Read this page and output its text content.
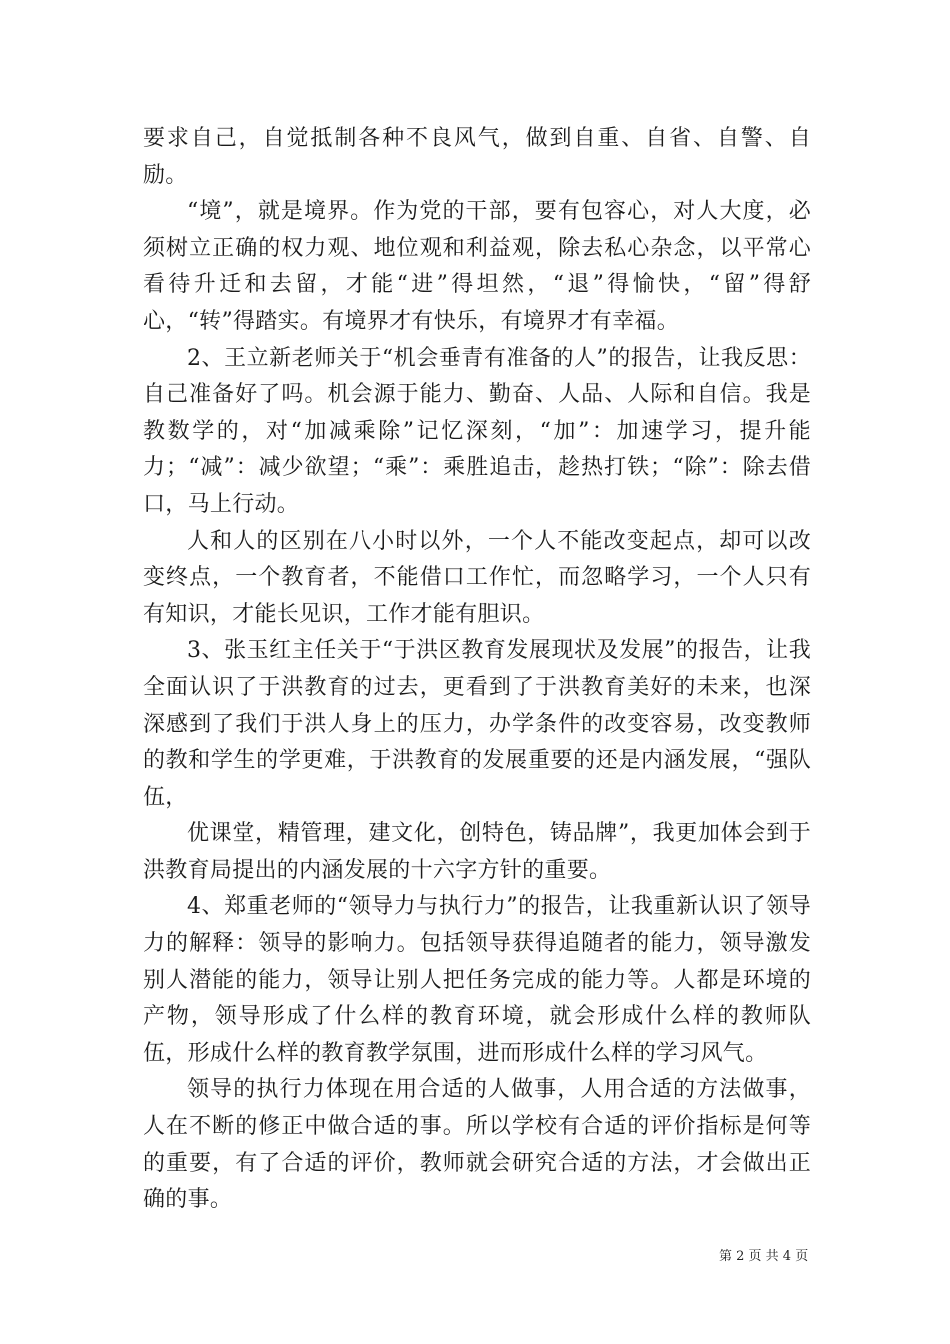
要求自己，自觉抵制各种不良风气，做到自重、自省、自警、自励。

“境”，就是境界。作为党的干部，要有包容心，对人大度，必须树立正确的权力观、地位观和利益观，除去私心杂念，以平常心看待升迁和去留，才能“进”得坦然，“退”得愉快，“留”得舒心，“转”得踏实。有境界才有快乐，有境界才有幸福。

2、王立新老师关于“机会垂青有准备的人”的报告，让我反思：自己准备好了吗。机会源于能力、勤奋、人品、人际和自信。我是教数学的，对“加减乘除”记忆深刻，“加”：加速学习，提升能力；“减”：减少欲望；“乘”：乘胜追击，趁热打铁；“除”：除去借口，马上行动。

人和人的区别在八小时以外，一个人不能改变起点，却可以改变终点，一个教育者，不能借口工作忙，而忽略学习，一个人只有有知识，才能长见识，工作才能有胆识。

3、张玉红主任关于“于洪区教育发展现状及发展”的报告，让我全面认识了于洪教育的过去，更看到了于洪教育美好的未来，也深深感到了我们于洪人身上的压力，办学条件的改变容易，改变教师的教和学生的学更难，于洪教育的发展重要的还是内涵发展，“强队伍，

优课堂，精管理，建文化，创特色，铸品牌”，我更加体会到于洪教育局提出的内涵发展的十六字方针的重要。

4、郑重老师的“领导力与执行力”的报告，让我重新认识了领导力的解释：领导的影响力。包括领导获得追随者的能力，领导激发别人潜能的能力，领导让别人把任务完成的能力等。人都是环境的产物，领导形成了什么样的教育环境，就会形成什么样的教师队伍，形成什么样的教育教学氛围，进而形成什么样的学习风气。

领导的执行力体现在用合适的人做事，人用合适的方法做事，人在不断的修正中做合适的事。所以学校有合适的评价指标是何等的重要，有了合适的评价，教师就会研究合适的方法，才会做出正确的事。

第 2 页 共 4 页
